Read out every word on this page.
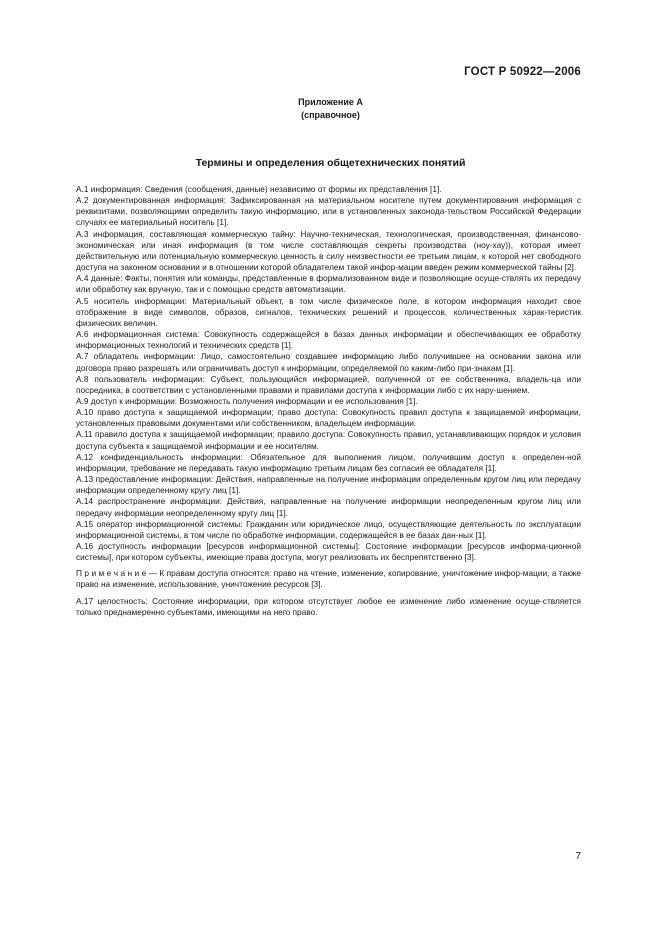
ГОСТ Р 50922—2006
Приложение А
(справочное)
Термины и определения общетехнических понятий

А.1 информация: Сведения (сообщения, данные) независимо от формы их представления [1].

А.2 документированная информация: Зафиксированная на материальном носителе путем документирования информация с реквизитами, позволяющими определить такую информацию, или в установленных законода-тельством Российской Федерации случаях ее материальный носитель [1].

А.3 информация, составляющая коммерческую тайну: Научно-техническая, технологическая, производственная, финансово-экономическая или иная информация (в том числе составляющая секреты производства (ноу-хау)), которая имеет действительную или потенциальную коммерческую ценность в силу неизвестности ее третьим лицам, к которой нет свободного доступа на законном основании и в отношении которой обладателем такой инфор-мации введен режим коммерческой тайны [2].

А.4 данные: Факты, понятия или команды, представленные в формализованном виде и позволяющие осуще-ствлять их передачу или обработку как вручную, так и с помощью средств автоматизации.

А.5 носитель информации: Материальный объект, в том числе физическое поле, в котором информация находит свое отображение в виде символов, образов, сигналов, технических решений и процессов, количественных харак-теристик физических величин.

А.6 информационная система: Совокупность содержащейся в базах данных информации и обеспечивающих ее обработку информационных технологий и технических средств [1].

А.7 обладатель информации: Лицо, самостоятельно создавшее информацию либо получившее на основании закона или договора право разрешать или ограничивать доступ к информации, определяемой по каким-либо при-знакам [1].

А.8 пользователь информации: Субъект, пользующийся информацией, полученной от ее собственника, владель-ца или посредника, в соответствии с установленными правами и правилами доступа к информации либо с их нару-шением.

А.9 доступ к информации: Возможность получения информации и ее использования [1].

А.10 право доступа к защищаемой информации; право доступа: Совокупность правил доступа к защищаемой информации, установленных правовыми документами или собственником, владельцем информации.

А.11 правило доступа к защищаемой информации; правило доступа: Совокупность правил, устанавливающих порядок и условия доступа субъекта к защищаемой информации и ее носителям.

А.12 конфиденциальность информации: Обязательное для выполнения лицом, получившим доступ к определен-ной информации, требование не передавать такую информацию третьим лицам без согласия ее обладателя [1].

А.13 предоставление информации: Действия, направленные на получение информации определенным кругом лиц или передачу информации определенному кругу лиц [1].

А.14 распространение информации: Действия, направленные на получение информации неопределенным кругом лиц или передачу информации неопределенному кругу лиц [1].

А.15 оператор информационной системы: Гражданин или юридическое лицо, осуществляющие деятельность по эксплуатации информационной системы, в том числе по обработке информации, содержащейся в ее базах дан-ных [1].

А.16 доступность информации [ресурсов информационной системы]: Состояние информации [ресурсов информа-ционной системы], при котором субъекты, имеющие права доступа, могут реализовать их беспрепятственно [3].

П р и м е ч а н и е — К правам доступа относятся: право на чтение, изменение, копирование, уничтожение инфор-мации, а также право на изменение, использование, уничтожение ресурсов [3].

А.17 целостность: Состояние информации, при котором отсутствует любое ее изменение либо изменение осуще-ствляется только преднамеренно субъектами, имеющими на него право.

7
